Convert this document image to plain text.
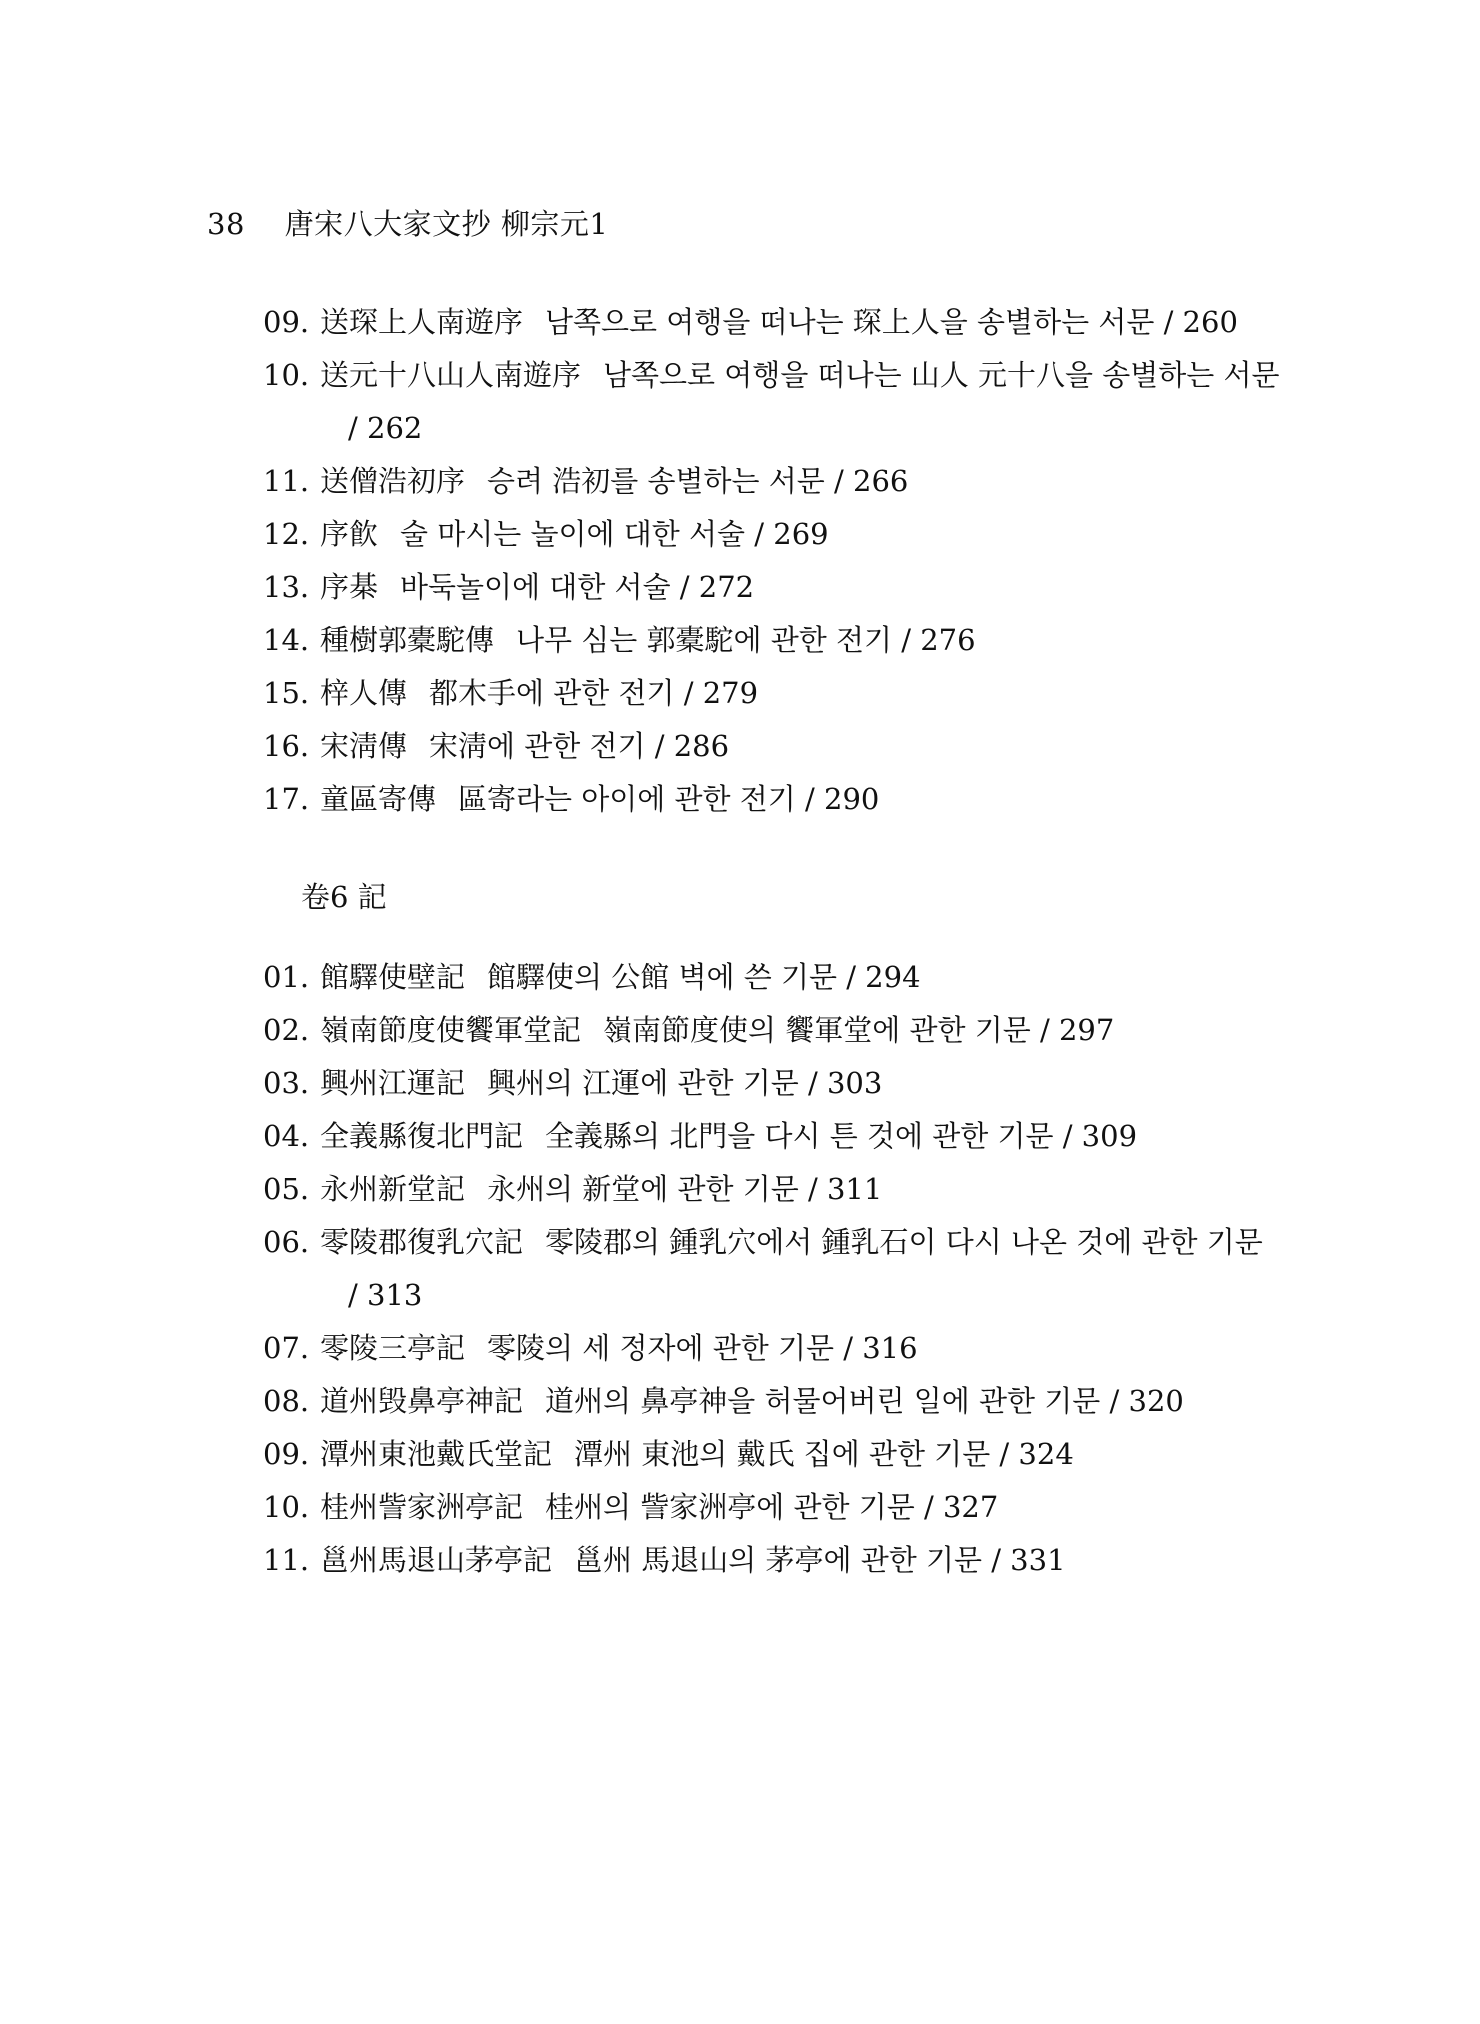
38 唐宋八大家文抄 柳宗元1
09. 送琛上人南遊序 남쪽으로 여행을 떠나는 琛上人을 송별하는 서문 / 260
10. 送元十八山人南遊序 남쪽으로 여행을 떠나는 山人 元十八을 송별하는 서문
/ 262
11. 送僧浩初序 승려 浩初를 송별하는 서문 / 266
12. 序飮 술 마시는 놀이에 대한 서술 / 269
13. 序棊 바둑놀이에 대한 서술 / 272
14. 種樹郭橐駝傳 나무 심는 郭橐駝에 관한 전기 / 276
15. 梓人傳 都木手에 관한 전기 / 279
16. 宋淸傳 宋淸에 관한 전기 / 286
17. 童區寄傳 區寄라는 아이에 관한 전기 / 290
卷6 記
01. 館驛使壁記 館驛使의 公館 벽에 쓴 기문 / 294
02. 嶺南節度使饗軍堂記 嶺南節度使의 饗軍堂에 관한 기문 / 297
03. 興州江運記 興州의 江運에 관한 기문 / 303
04. 全義縣復北門記 全義縣의 北門을 다시 튼 것에 관한 기문 / 309
05. 永州新堂記 永州의 新堂에 관한 기문 / 311
06. 零陵郡復乳穴記 零陵郡의 鍾乳穴에서 鍾乳石이 다시 나온 것에 관한 기문
/ 313
07. 零陵三亭記 零陵의 세 정자에 관한 기문 / 316
08. 道州毁鼻亭神記 道州의 鼻亭神을 허물어버린 일에 관한 기문 / 320
09. 潭州東池戴氏堂記 潭州 東池의 戴氏 집에 관한 기문 / 324
10. 桂州訾家洲亭記 桂州의 訾家洲亭에 관한 기문 / 327
11. 邕州馬退山茅亭記 邕州 馬退山의 茅亭에 관한 기문 / 331
